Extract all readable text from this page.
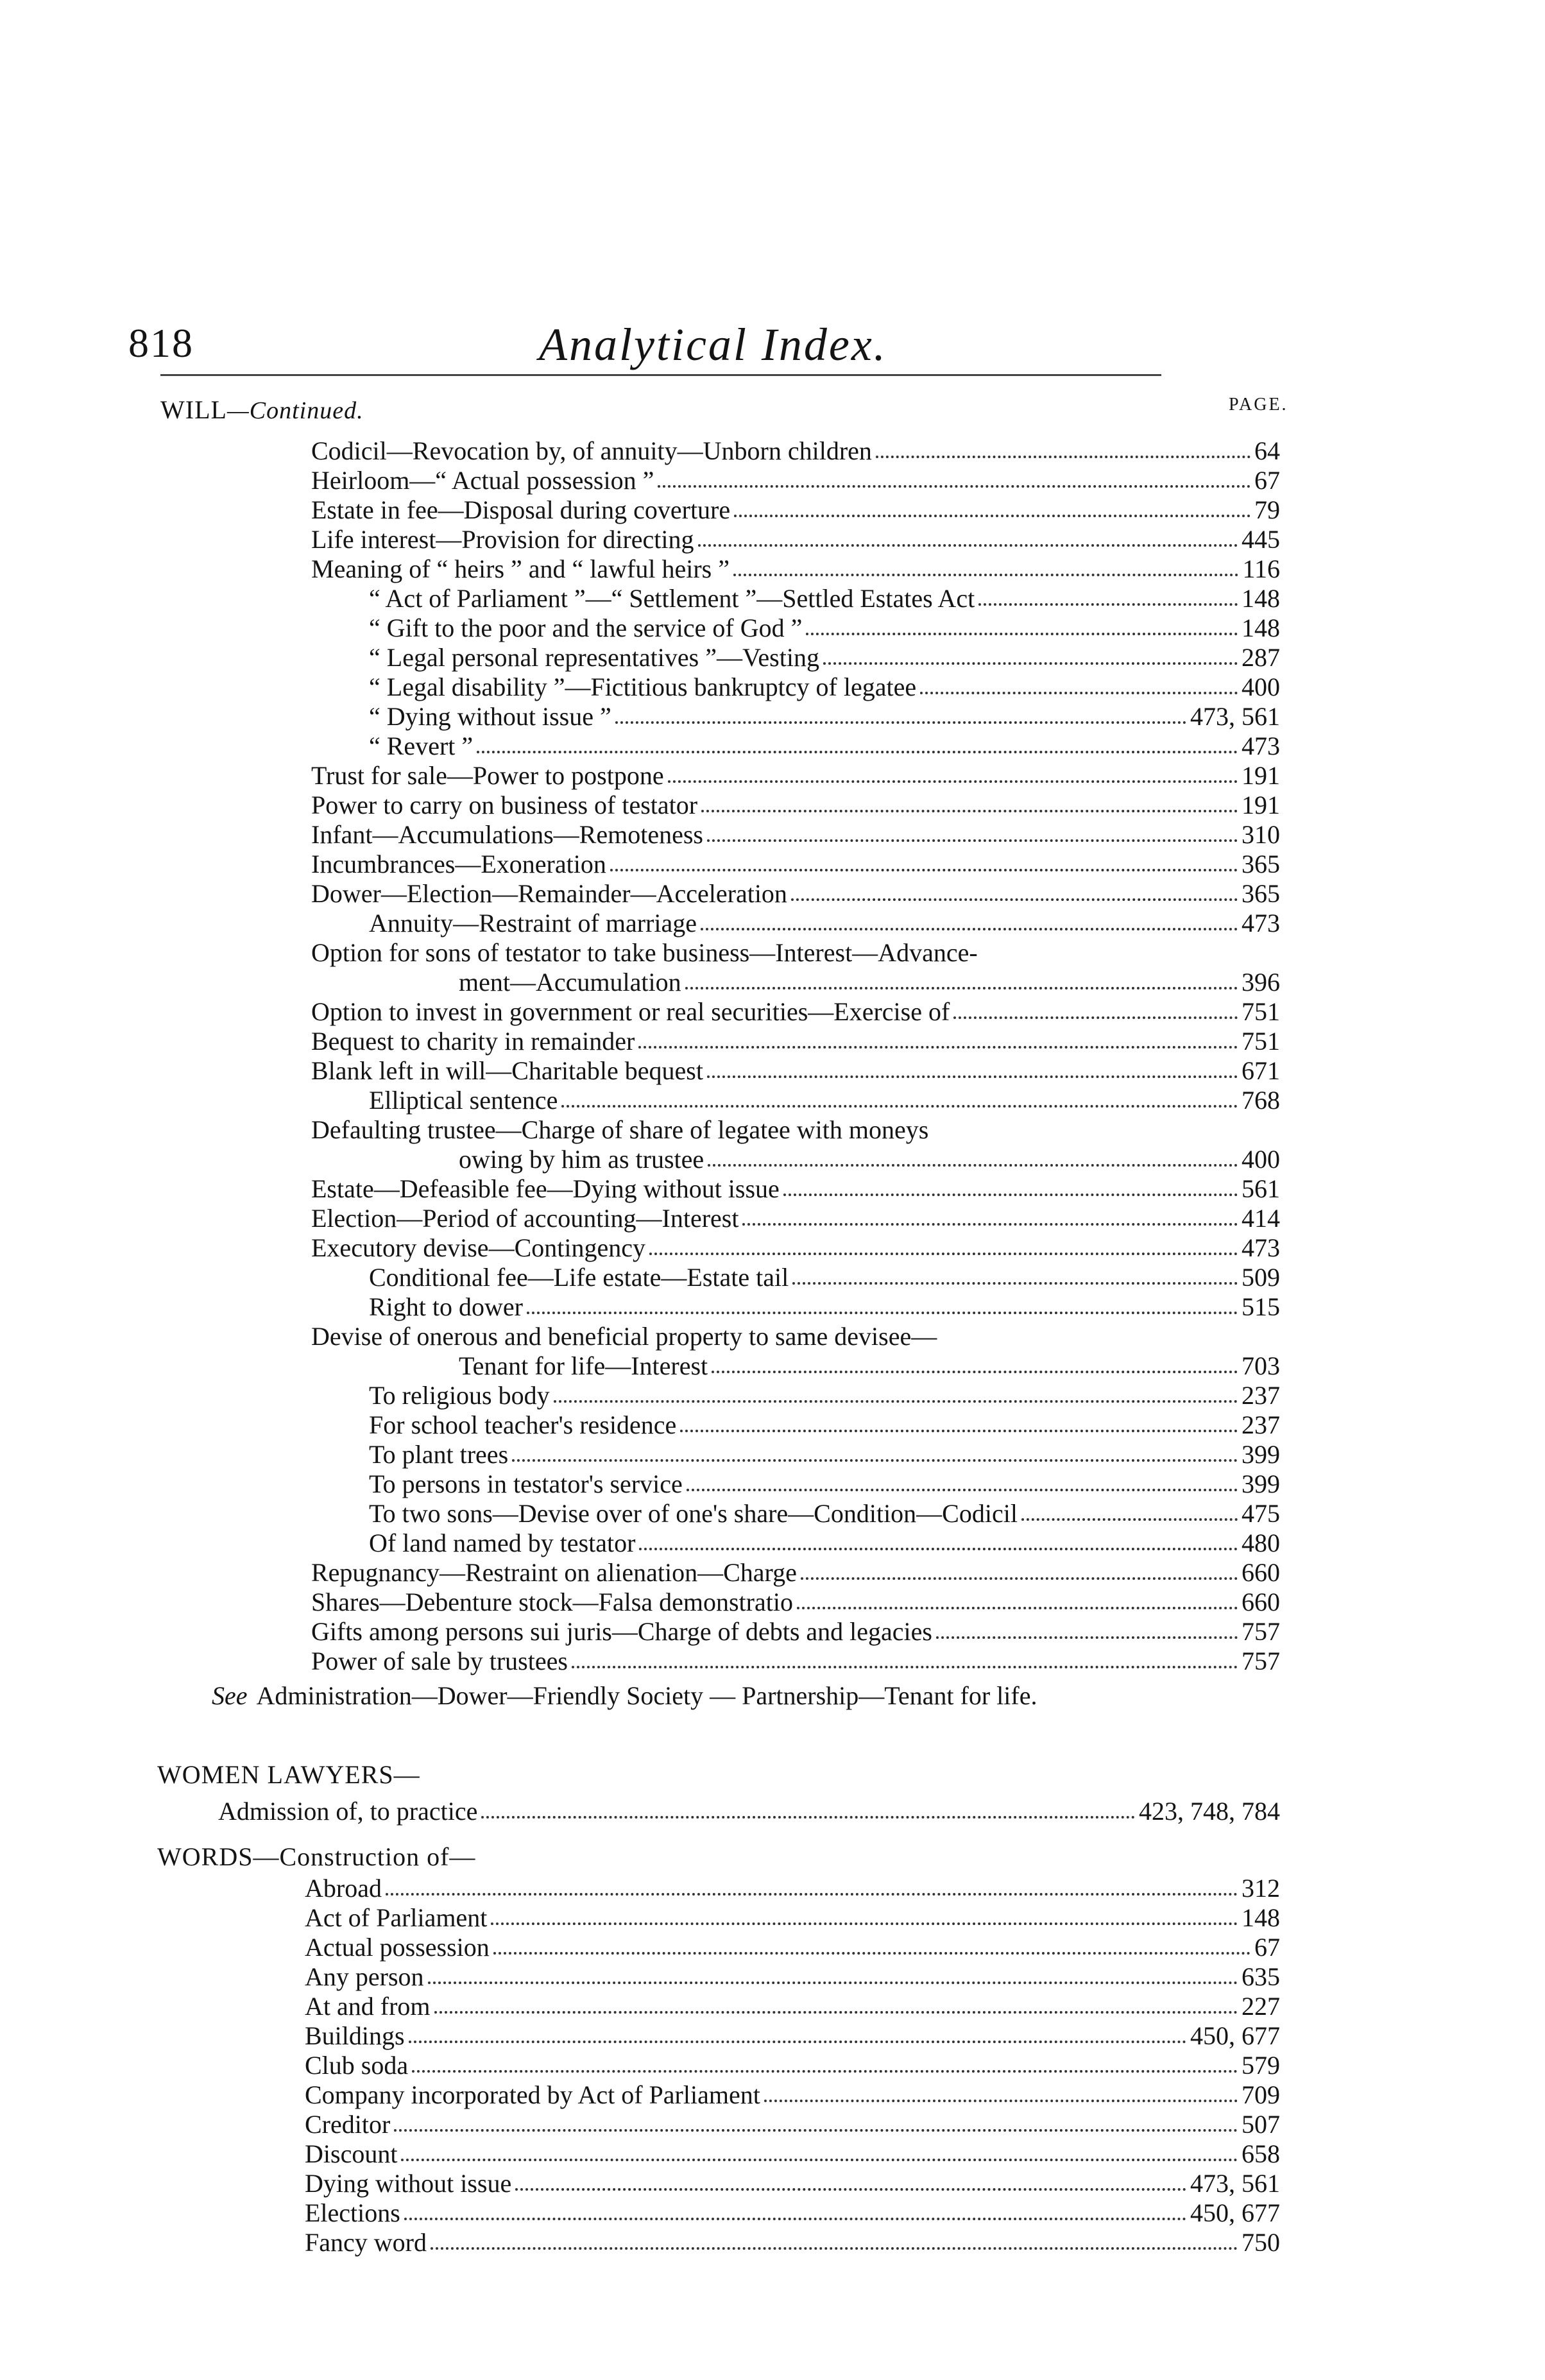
818	Analytical Index.
WILL—Continued.	PAGE.
Codicil—Revocation by, of annuity—Unborn children	64
Heirloom—“ Actual possession ”	67
Estate in fee—Disposal during coverture	79
Life interest—Provision for directing	445
Meaning of “ heirs ” and “ lawful heirs ”	116
“ Act of Parliament ”—“ Settlement ”—Settled Estates Act	148
“ Gift to the poor and the service of God ”	148
“ Legal personal representatives ”—Vesting	287
“ Legal disability ”—Fictitious bankruptcy of legatee	400
“ Dying without issue ”	473, 561
“ Revert ”	473
Trust for sale—Power to postpone	191
Power to carry on business of testator	191
Infant—Accumulations—Remoteness	310
Incumbrances—Exoneration	365
Dower—Election—Remainder—Acceleration	365
Annuity—Restraint of marriage	473
Option for sons of testator to take business—Interest—Advance-
ment—Accumulation	396
Option to invest in government or real securities—Exercise of	751
Bequest to charity in remainder	751
Blank left in will—Charitable bequest	671
Elliptical sentence	768
Defaulting trustee—Charge of share of legatee with moneys
owing by him as trustee	400
Estate—Defeasible fee—Dying without issue	561
Election—Period of accounting—Interest	414
Executory devise—Contingency	473
Conditional fee—Life estate—Estate tail	509
Right to dower	515
Devise of onerous and beneficial property to same devisee—
Tenant for life—Interest	703
To religious body	237
For school teacher's residence	237
To plant trees	399
To persons in testator's service	399
To two sons—Devise over of one's share—Condition—Codicil	475
Of land named by testator	480
Repugnancy—Restraint on alienation—Charge	660
Shares—Debenture stock—Falsa demonstratio	660
Gifts among persons sui juris—Charge of debts and legacies	757
Power of sale by trustees	757
See Administration—Dower—Friendly Society — Partnership—Tenant for life.
WOMEN LAWYERS—
Admission of, to practice	423, 748, 784
WORDS—Construction of—
Abroad	312
Act of Parliament	148
Actual possession	67
Any person	635
At and from	227
Buildings	450, 677
Club soda	579
Company incorporated by Act of Parliament	709
Creditor	507
Discount	658
Dying without issue	473, 561
Elections	450, 677
Fancy word	750
